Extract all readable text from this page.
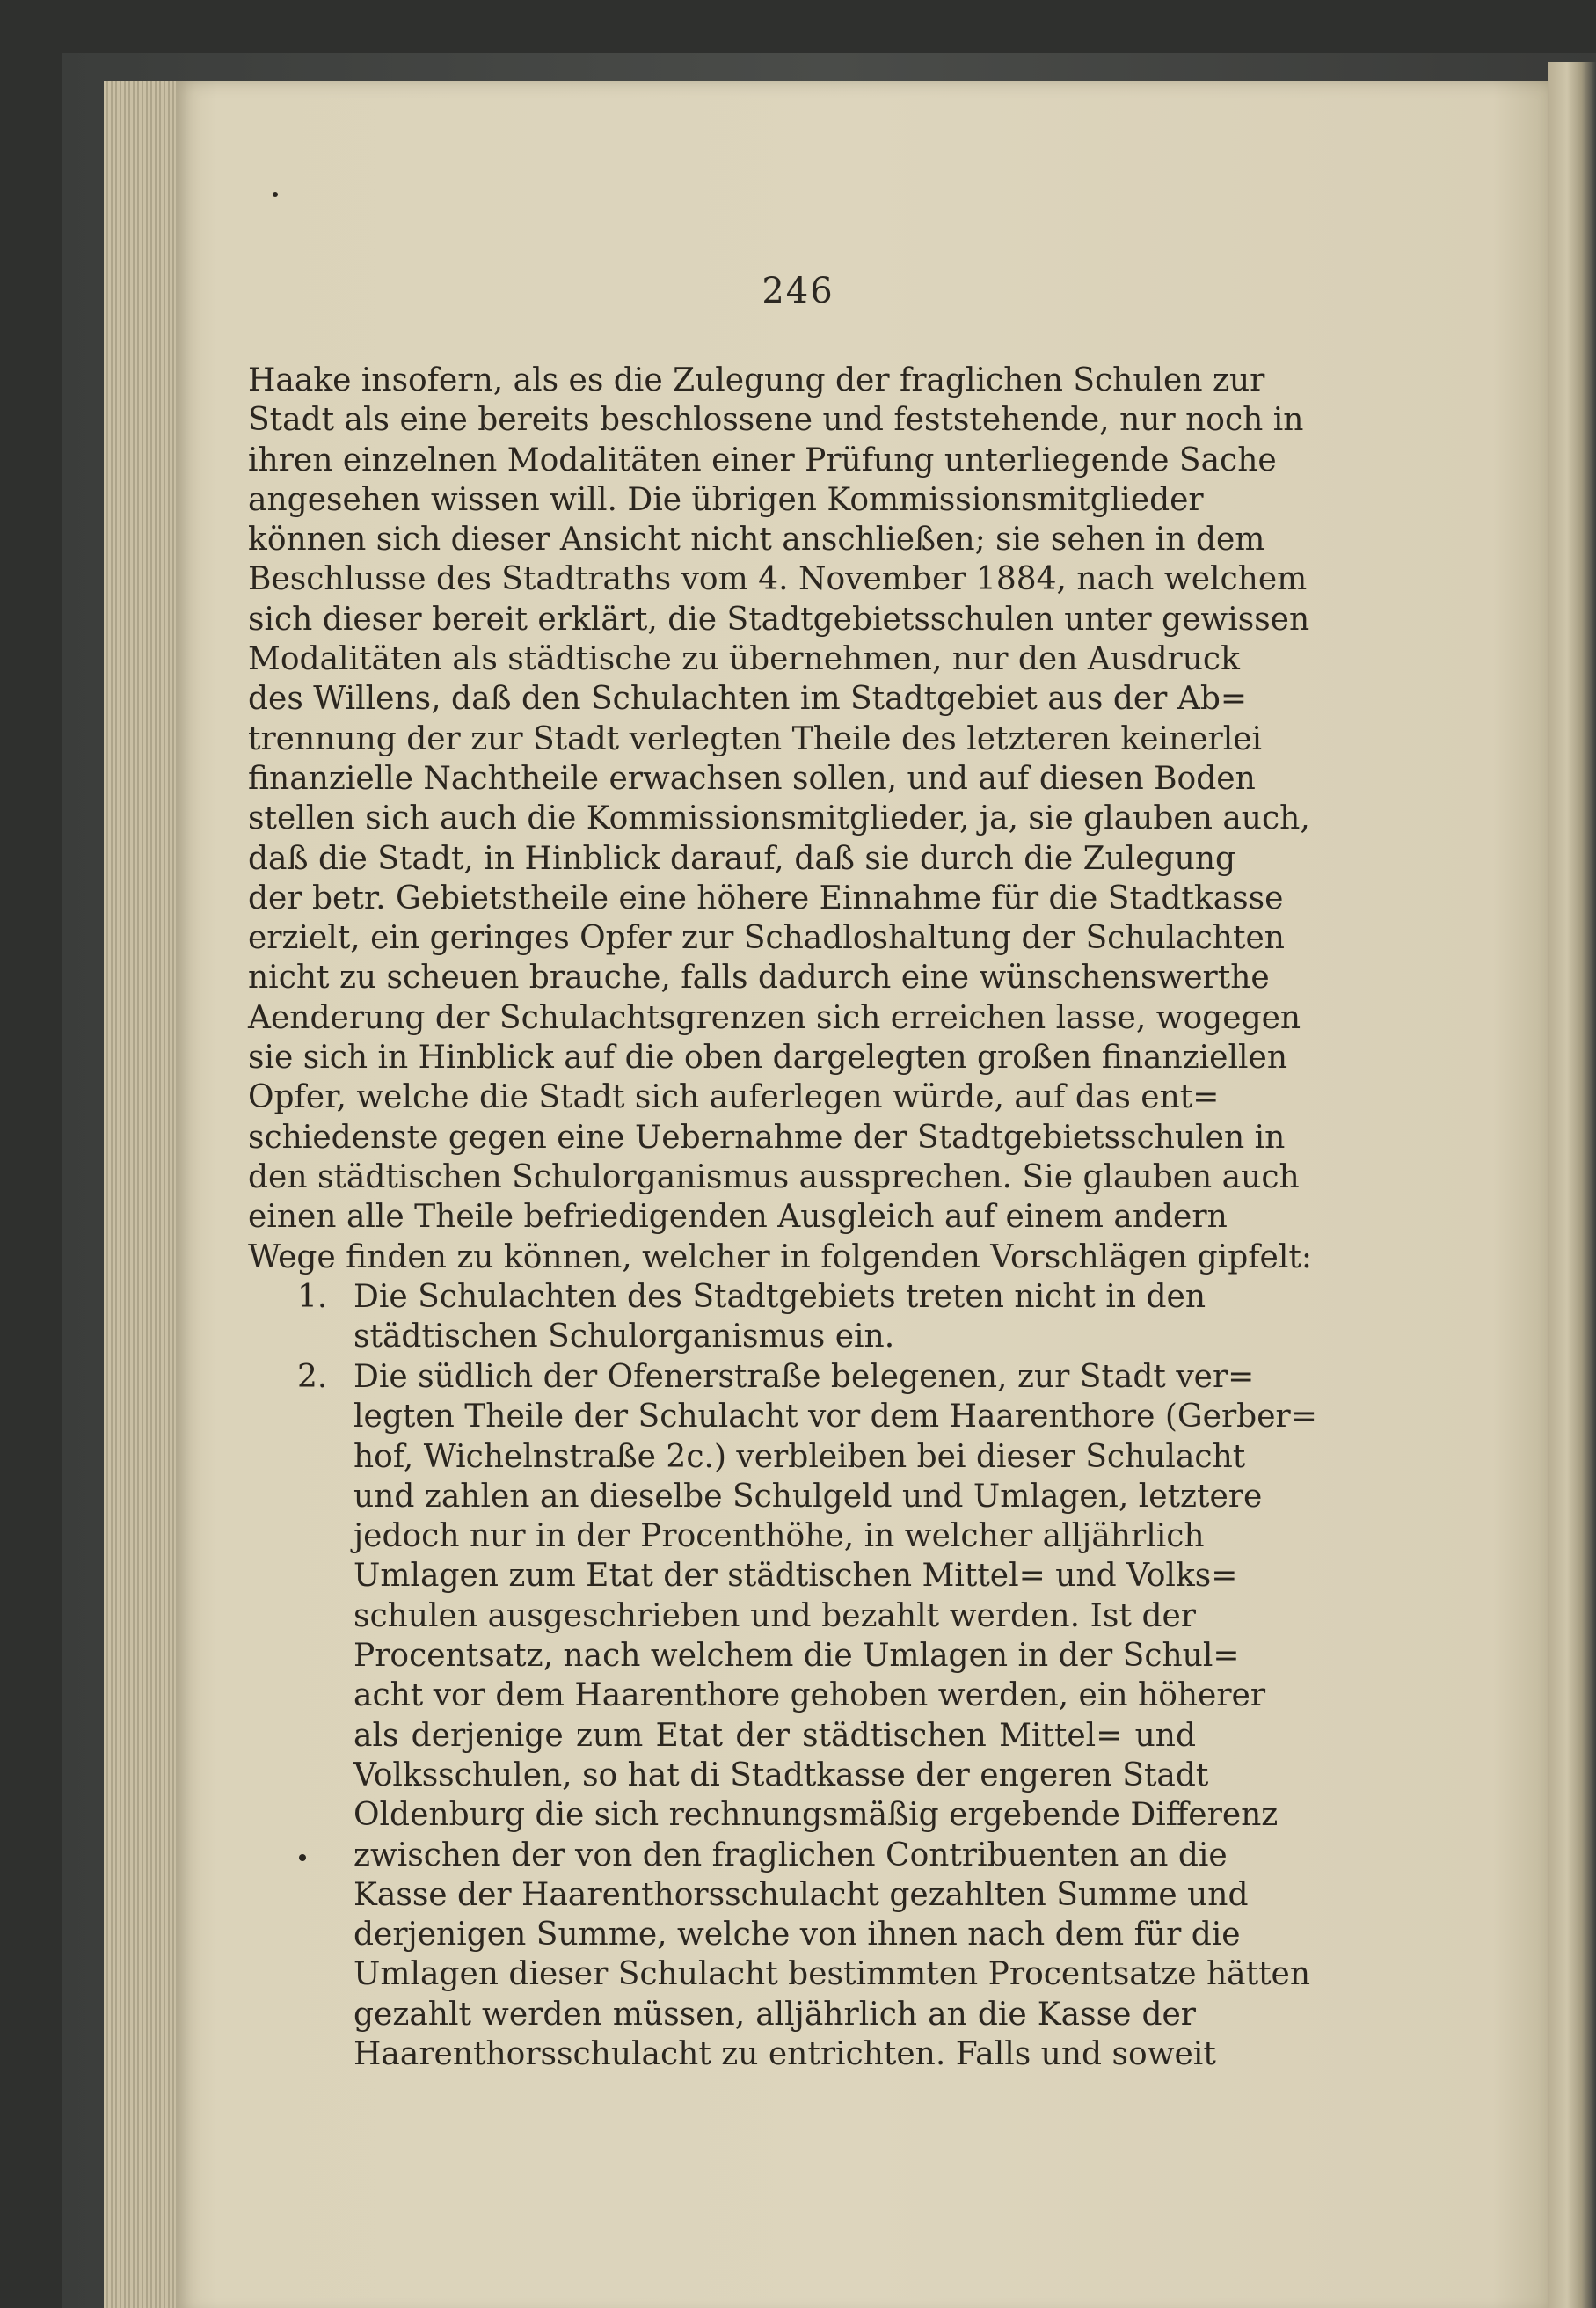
246
Haake insofern, als es die Zulegung der fraglichen Schulen zur
Stadt als eine bereits beschlossene und feststehende, nur noch in
ihren einzelnen Modalitäten einer Prüfung unterliegende Sache
angesehen wissen will. Die übrigen Kommissionsmitglieder
können sich dieser Ansicht nicht anschließen; sie sehen in dem
Beschlusse des Stadtraths vom 4. November 1884, nach welchem
sich dieser bereit erklärt, die Stadtgebietsschulen unter gewissen
Modalitäten als städtische zu übernehmen, nur den Ausdruck
des Willens, daß den Schulachten im Stadtgebiet aus der Ab=
trennung der zur Stadt verlegten Theile des letzteren keinerlei
finanzielle Nachtheile erwachsen sollen, und auf diesen Boden
stellen sich auch die Kommissionsmitglieder, ja, sie glauben auch,
daß die Stadt, in Hinblick darauf, daß sie durch die Zulegung
der betr. Gebietstheile eine höhere Einnahme für die Stadtkasse
erzielt, ein geringes Opfer zur Schadloshaltung der Schulachten
nicht zu scheuen brauche, falls dadurch eine wünschenswerthe
Aenderung der Schulachtsgrenzen sich erreichen lasse, wogegen
sie sich in Hinblick auf die oben dargelegten großen finanziellen
Opfer, welche die Stadt sich auferlegen würde, auf das ent=
schiedenste gegen eine Uebernahme der Stadtgebietsschulen in
den städtischen Schulorganismus aussprechen. Sie glauben auch
einen alle Theile befriedigenden Ausgleich auf einem andern
Wege finden zu können, welcher in folgenden Vorschlägen gipfelt:
1. Die Schulachten des Stadtgebiets treten nicht in den
städtischen Schulorganismus ein.
2. Die südlich der Ofenerstraße belegenen, zur Stadt ver=
legten Theile der Schulacht vor dem Haarenthore (Gerber=
hof, Wichelnstraße 2c.) verbleiben bei dieser Schulacht
und zahlen an dieselbe Schulgeld und Umlagen, letztere
jedoch nur in der Procenthöhe, in welcher alljährlich
Umlagen zum Etat der städtischen Mittel= und Volks=
schulen ausgeschrieben und bezahlt werden. Ist der
Procentsatz, nach welchem die Umlagen in der Schul=
acht vor dem Haarenthore gehoben werden, ein höherer
als derjenige zum Etat der städtischen Mittel= und
Volksschulen, so hat di Stadtkasse der engeren Stadt
Oldenburg die sich rechnungsmäßig ergebende Differenz
zwischen der von den fraglichen Contribuenten an die
Kasse der Haarenthorsschulacht gezahlten Summe und
derjenigen Summe, welche von ihnen nach dem für die
Umlagen dieser Schulacht bestimmten Procentsatze hätten
gezahlt werden müssen, alljährlich an die Kasse der
Haarenthorsschulacht zu entrichten. Falls und soweit
